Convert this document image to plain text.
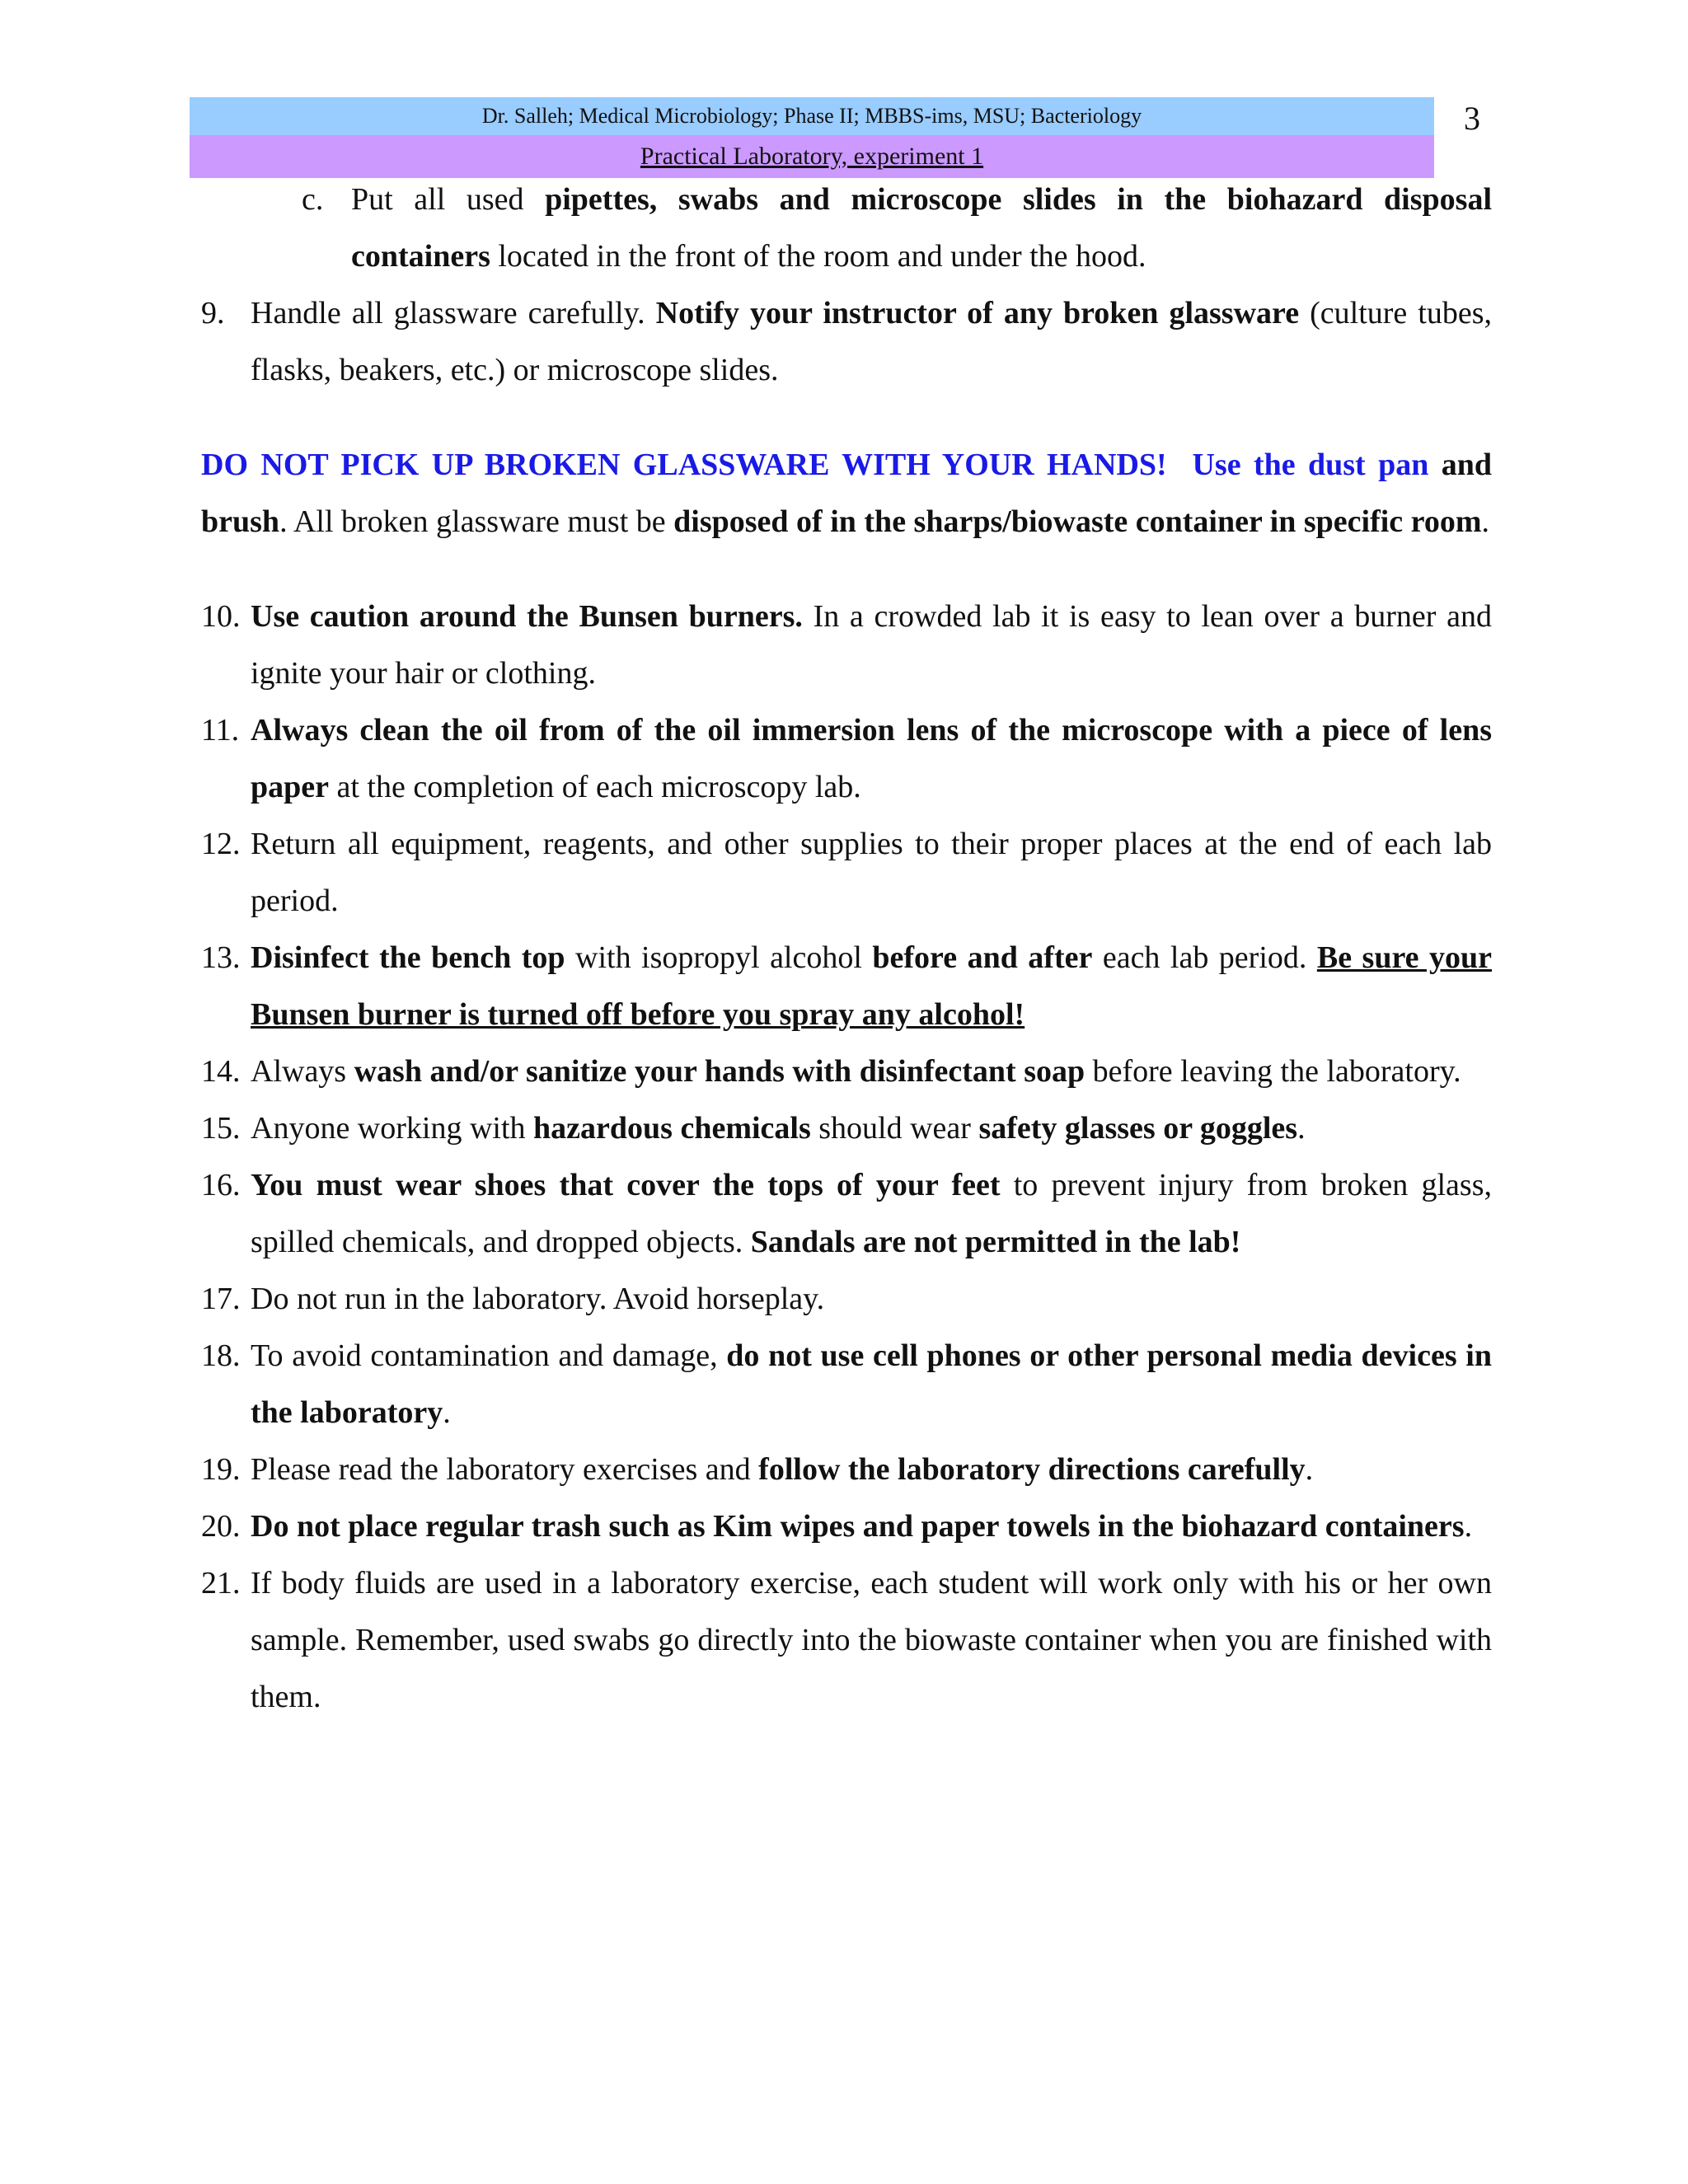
Dr. Salleh; Medical Microbiology; Phase II; MBBS-ims, MSU; Bacteriology
Practical Laboratory, experiment 1
3
c. Put all used pipettes, swabs and microscope slides in the biohazard disposal containers located in the front of the room and under the hood.
9. Handle all glassware carefully. Notify your instructor of any broken glassware (culture tubes, flasks, beakers, etc.) or microscope slides.
DO NOT PICK UP BROKEN GLASSWARE WITH YOUR HANDS! Use the dust pan and brush. All broken glassware must be disposed of in the sharps/biowaste container in specific room.
10. Use caution around the Bunsen burners. In a crowded lab it is easy to lean over a burner and ignite your hair or clothing.
11. Always clean the oil from of the oil immersion lens of the microscope with a piece of lens paper at the completion of each microscopy lab.
12. Return all equipment, reagents, and other supplies to their proper places at the end of each lab period.
13. Disinfect the bench top with isopropyl alcohol before and after each lab period. Be sure your Bunsen burner is turned off before you spray any alcohol!
14. Always wash and/or sanitize your hands with disinfectant soap before leaving the laboratory.
15. Anyone working with hazardous chemicals should wear safety glasses or goggles.
16. You must wear shoes that cover the tops of your feet to prevent injury from broken glass, spilled chemicals, and dropped objects. Sandals are not permitted in the lab!
17. Do not run in the laboratory. Avoid horseplay.
18. To avoid contamination and damage, do not use cell phones or other personal media devices in the laboratory.
19. Please read the laboratory exercises and follow the laboratory directions carefully.
20. Do not place regular trash such as Kim wipes and paper towels in the biohazard containers.
21. If body fluids are used in a laboratory exercise, each student will work only with his or her own sample. Remember, used swabs go directly into the biowaste container when you are finished with them.
